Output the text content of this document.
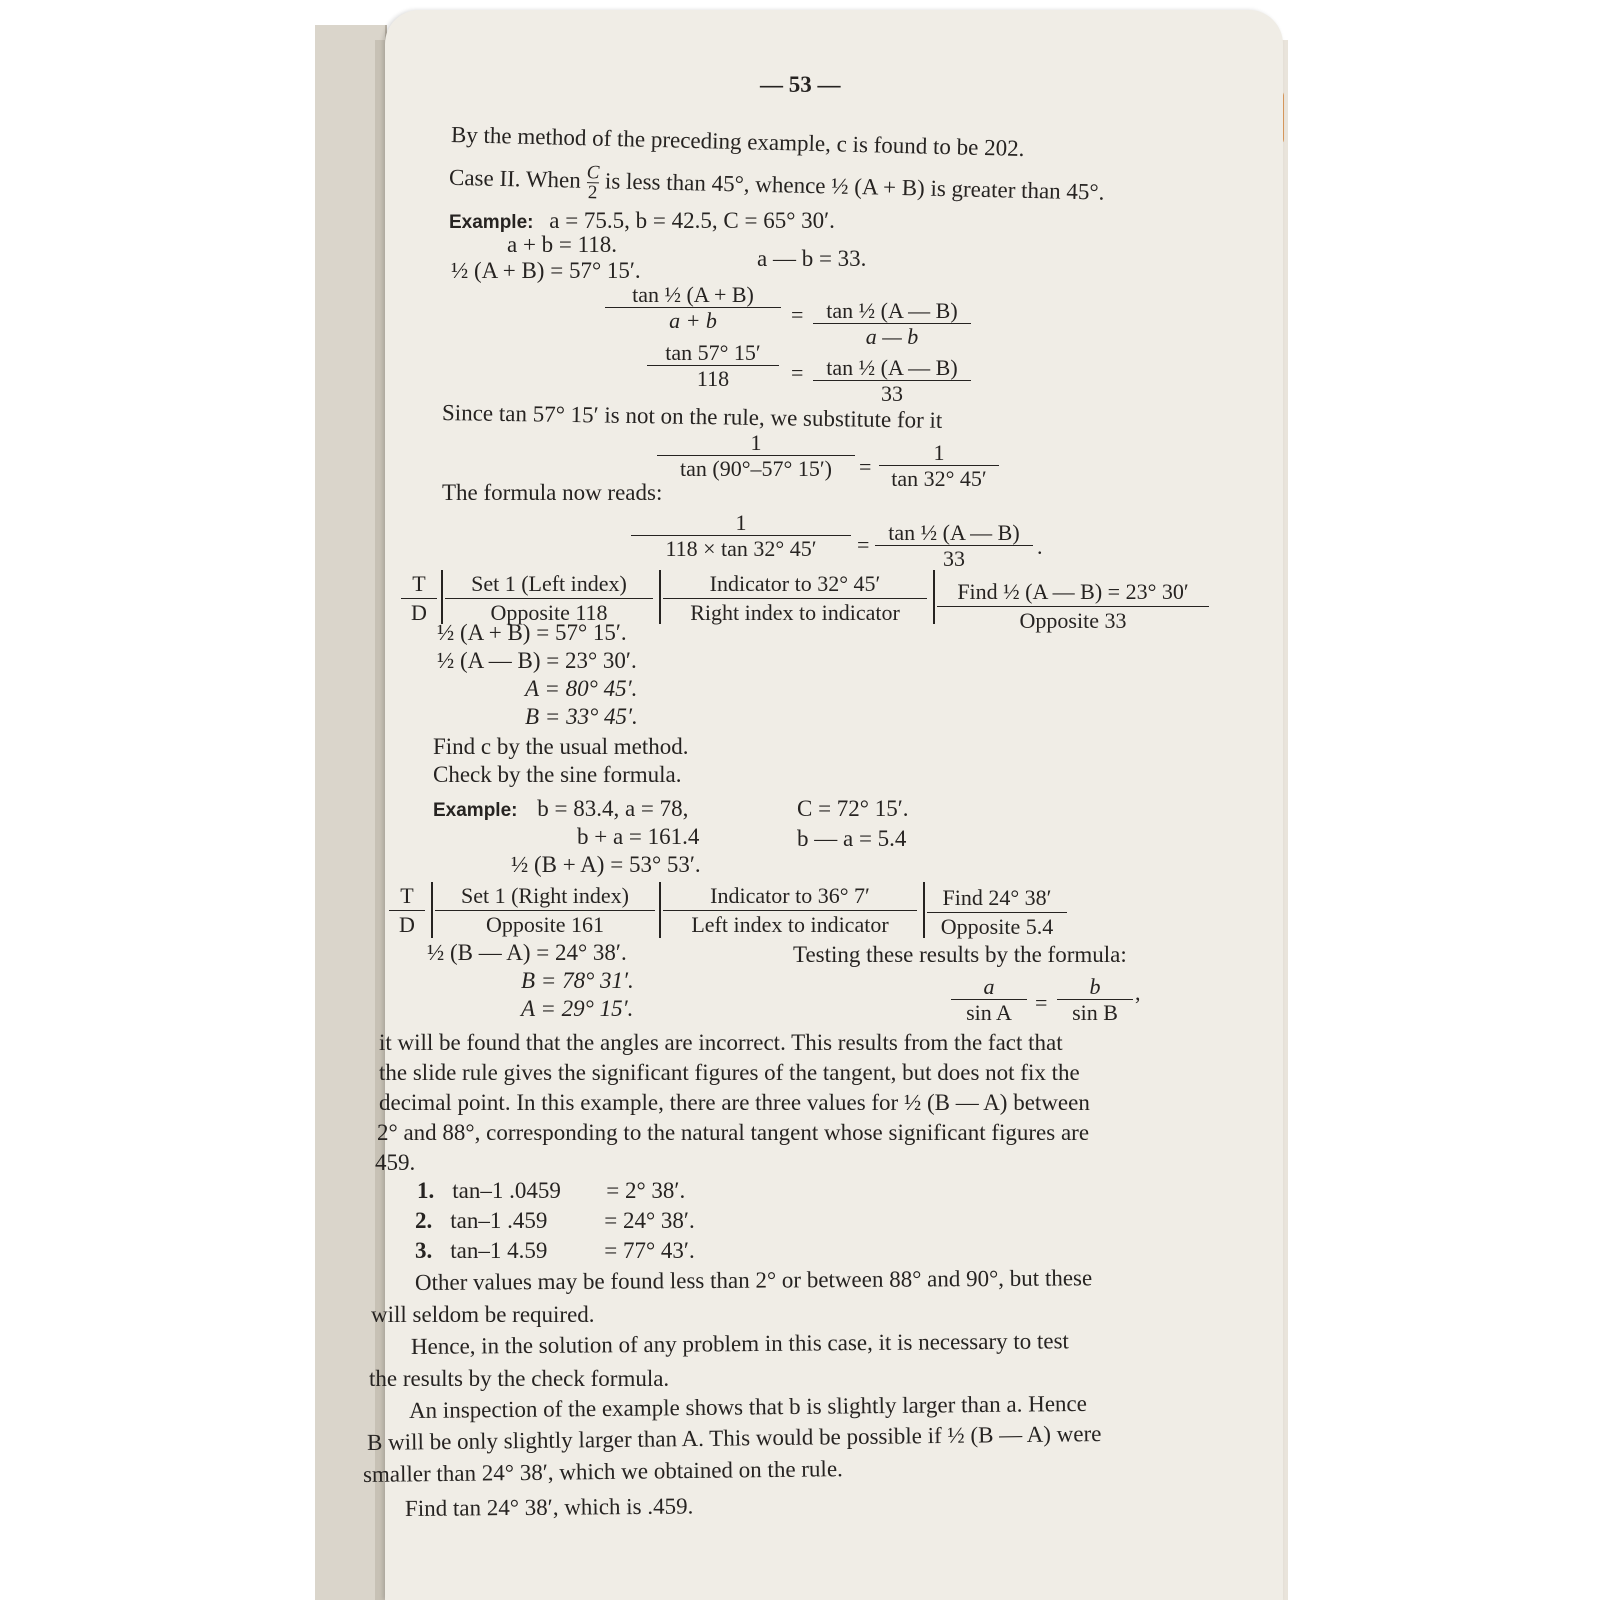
— 53 —
By the method of the preceding example, c is found to be 202.
Case II. When $\frac{C}{2}$ is less than 45°, whence ½ (A + B) is greater than 45°.
Example: a = 75.5, b = 42.5, C = 65° 30′.
a + b = 118.
a — b = 33.
½ (A + B) = 57° 15′.
$\frac{\text{tan ½ (A + B)}}{a + b} = \frac{\text{tan ½ (A — B)}}{a — b}$
$\frac{\tan 57^\circ 15'}{118} = \frac{\text{tan ½ (A — B)}}{33}$
Since tan 57° 15′ is not on the rule, we substitute for it
$\frac{1}{\tan (90^\circ-57^\circ 15')} = \frac{1}{\tan 32^\circ 45'}$
The formula now reads:
$\frac{1}{118 \times \tan 32^\circ 45'} = \frac{\text{tan ½ (A — B)}}{33}$ .
T
D
Set 1 (Left index)
Opposite 118
Indicator to 32° 45′
Right index to indicator
Find ½ (A — B) = 23° 30′
Opposite 33
½ (A + B) = 57° 15′.
½ (A — B) = 23° 30′.
A = 80° 45′.
B = 33° 45′.
Find c by the usual method.
Check by the sine formula.
Example: b = 83.4, a = 78,	C = 72° 15′.
b + a = 161.4	b — a = 5.4
½ (B + A) = 53° 53′.
T
D
Set 1 (Right index)
Opposite 161
Indicator to 36° 7′
Left index to indicator
Find 24° 38′
Opposite 5.4
½ (B — A) = 24° 38′.
B = 78° 31′.
A = 29° 15′.
Testing these results by the formula:
$\frac{a}{\text{sin A}} = \frac{b}{\text{sin B}}$ ,
it will be found that the angles are incorrect. This results from the fact that
the slide rule gives the significant figures of the tangent, but does not fix the
decimal point. In this example, there are three values for ½ (B — A) between
2° and 88°, corresponding to the natural tangent whose significant figures are
459.
1. tan–1 .0459 = 2° 38′.
2. tan–1 .459 = 24° 38′.
3. tan–1 4.59 = 77° 43′.
Other values may be found less than 2° or between 88° and 90°, but these
will seldom be required.
Hence, in the solution of any problem in this case, it is necessary to test
the results by the check formula.
An inspection of the example shows that b is slightly larger than a. Hence
B will be only slightly larger than A. This would be possible if ½ (B — A) were
smaller than 24° 38′, which we obtained on the rule.
Find tan 24° 38′, which is .459.
